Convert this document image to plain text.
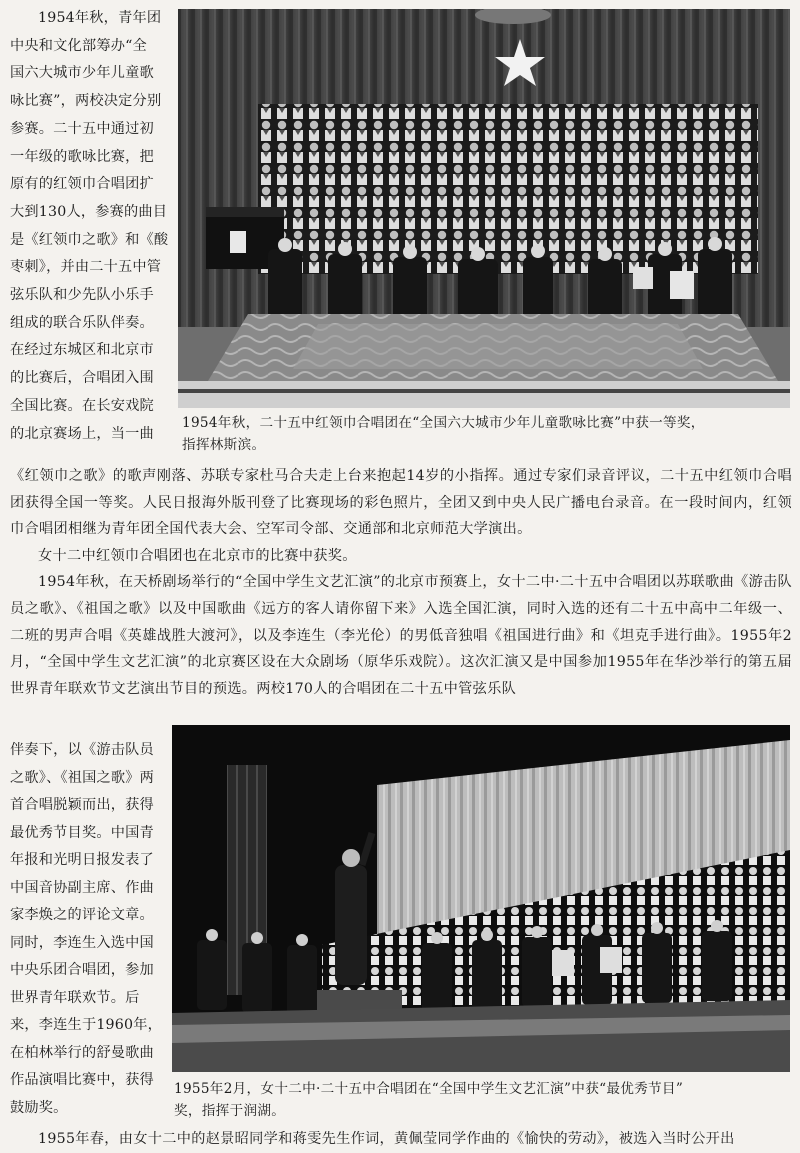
1954年秋，青年团

中央和文化部筹办“全

国六大城市少年儿童歌

咏比赛”，两校决定分别

参赛。二十五中通过初

一年级的歌咏比赛，把

原有的红领巾合唱团扩

大到130人，参赛的曲目

是《红领巾之歌》和《酸

枣刺》，并由二十五中管

弦乐队和少先队小乐手

组成的联合乐队伴奏。

在经过东城区和北京市

的比赛后，合唱团入围

全国比赛。在长安戏院

的北京赛场上，当一曲

1954年秋，二十五中红领巾合唱团在“全国六大城市少年儿童歌咏比赛”中获一等奖，
指挥林斯滨。

《红领巾之歌》的歌声刚落、苏联专家杜马合夫走上台来抱起14岁的小指挥。通过专家们录音评议，二十五中红领巾合唱团获得全国一等奖。人民日报海外版刊登了比赛现场的彩色照片，全团又到中央人民广播电台录音。在一段时间内，红领巾合唱团相继为青年团全国代表大会、空军司令部、交通部和北京师范大学演出。

女十二中红领巾合唱团也在北京市的比赛中获奖。

1954年秋，在天桥剧场举行的“全国中学生文艺汇演”的北京市预赛上，女十二中·二十五中合唱团以苏联歌曲《游击队员之歌》、《祖国之歌》以及中国歌曲《远方的客人请你留下来》入选全国汇演，同时入选的还有二十五中高中二年级一、二班的男声合唱《英雄战胜大渡河》，以及李连生（李光伦）的男低音独唱《祖国进行曲》和《坦克手进行曲》。1955年2月，“全国中学生文艺汇演”的北京赛区设在大众剧场（原华乐戏院）。这次汇演又是中国参加1955年在华沙举行的第五届世界青年联欢节文艺演出节目的预选。两校170人的合唱团在二十五中管弦乐队

伴奏下，以《游击队员

之歌》、《祖国之歌》两

首合唱脱颖而出，获得

最优秀节目奖。中国青

年报和光明日报发表了

中国音协副主席、作曲

家李焕之的评论文章。

同时，李连生入选中国

中央乐团合唱团，参加

世界青年联欢节。后

来，李连生于1960年，

在柏林举行的舒曼歌曲

作品演唱比赛中，获得

鼓励奖。

1955年2月，女十二中·二十五中合唱团在“全国中学生文艺汇演”中获“最优秀节目”
奖，指挥于润湖。

1955年春，由女十二中的赵景昭同学和蒋雯先生作词，黄佩莹同学作曲的《愉快的劳动》，被选入当时公开出
